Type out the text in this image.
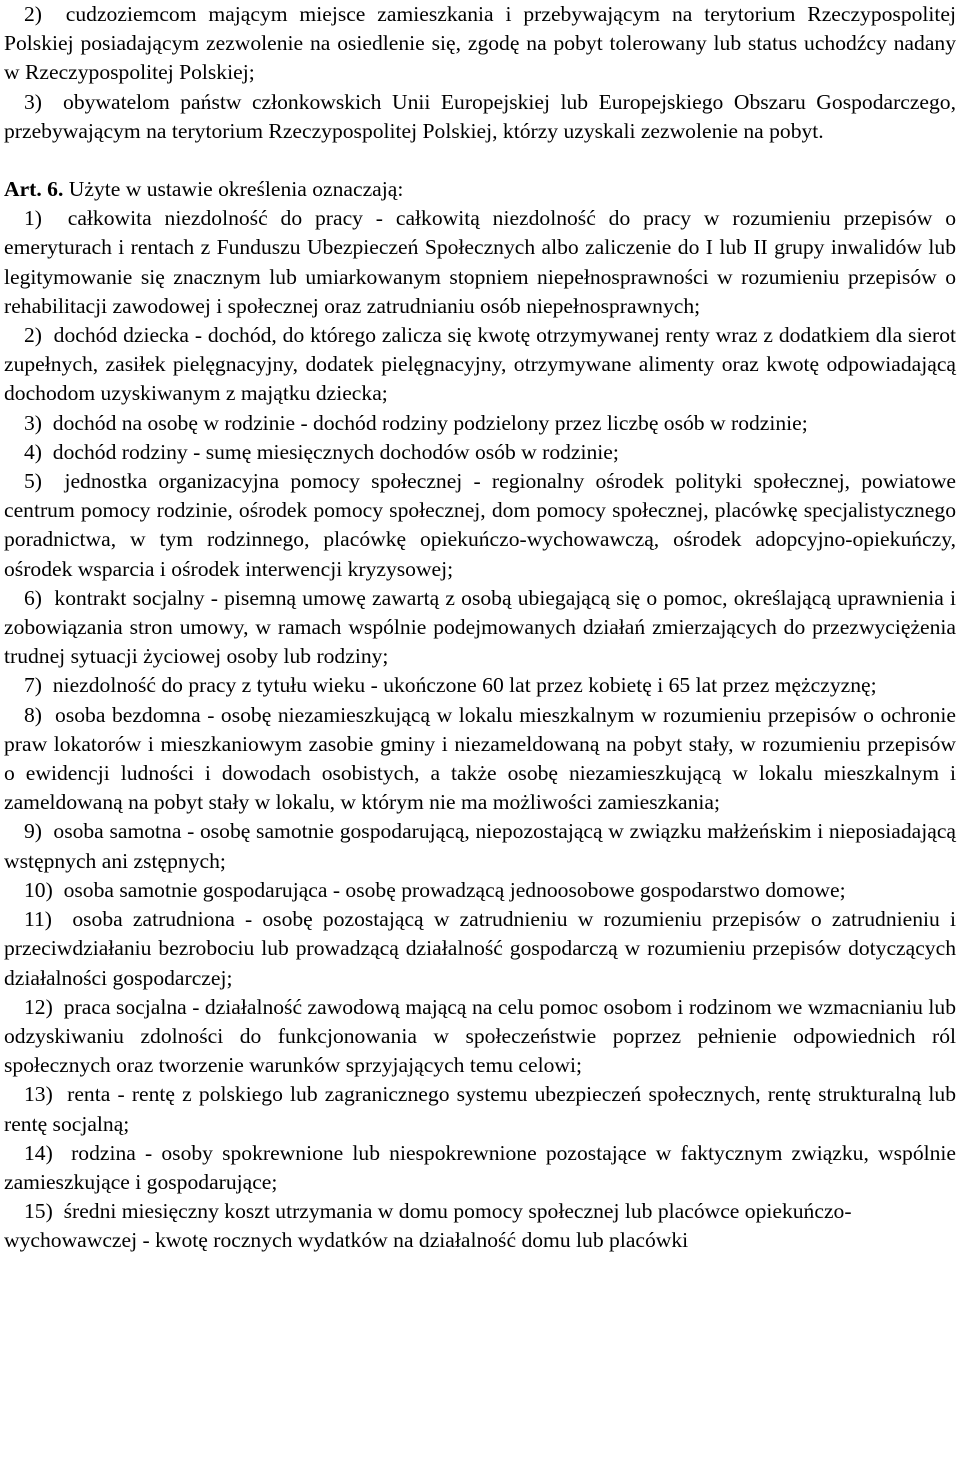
2) cudzoziemcom mającym miejsce zamieszkania i przebywającym na terytorium Rzeczypospolitej Polskiej posiadającym zezwolenie na osiedlenie się, zgodę na pobyt tolerowany lub status uchodźcy nadany w Rzeczypospolitej Polskiej;

3) obywatelom państw członkowskich Unii Europejskiej lub Europejskiego Obszaru Gospodarczego, przebywającym na terytorium Rzeczypospolitej Polskiej, którzy uzyskali zezwolenie na pobyt.

Art. 6. Użyte w ustawie określenia oznaczają:

1) całkowita niezdolność do pracy - całkowitą niezdolność do pracy w rozumieniu przepisów o emeryturach i rentach z Funduszu Ubezpieczeń Społecznych albo zaliczenie do I lub II grupy inwalidów lub legitymowanie się znacznym lub umiarkowanym stopniem niepełnosprawności w rozumieniu przepisów o rehabilitacji zawodowej i społecznej oraz zatrudnianiu osób niepełnosprawnych;

2) dochód dziecka - dochód, do którego zalicza się kwotę otrzymywanej renty wraz z dodatkiem dla sierot zupełnych, zasiłek pielęgnacyjny, dodatek pielęgnacyjny, otrzymywane alimenty oraz kwotę odpowiadającą dochodom uzyskiwanym z majątku dziecka;

3) dochód na osobę w rodzinie - dochód rodziny podzielony przez liczbę osób w rodzinie;

4) dochód rodziny - sumę miesięcznych dochodów osób w rodzinie;

5) jednostka organizacyjna pomocy społecznej - regionalny ośrodek polityki społecznej, powiatowe centrum pomocy rodzinie, ośrodek pomocy społecznej, dom pomocy społecznej, placówkę specjalistycznego poradnictwa, w tym rodzinnego, placówkę opiekuńczo-wychowawczą, ośrodek adopcyjno-opiekuńczy, ośrodek wsparcia i ośrodek interwencji kryzysowej;

6) kontrakt socjalny - pisemną umowę zawartą z osobą ubiegającą się o pomoc, określającą uprawnienia i zobowiązania stron umowy, w ramach wspólnie podejmowanych działań zmierzających do przezwyciężenia trudnej sytuacji życiowej osoby lub rodziny;

7) niezdolność do pracy z tytułu wieku - ukończone 60 lat przez kobietę i 65 lat przez mężczyznę;

8) osoba bezdomna - osobę niezamieszkującą w lokalu mieszkalnym w rozumieniu przepisów o ochronie praw lokatorów i mieszkaniowym zasobie gminy i niezameldowaną na pobyt stały, w rozumieniu przepisów o ewidencji ludności i dowodach osobistych, a także osobę niezamieszkującą w lokalu mieszkalnym i zameldowaną na pobyt stały w lokalu, w którym nie ma możliwości zamieszkania;

9) osoba samotna - osobę samotnie gospodarującą, niepozostającą w związku małżeńskim i nieposiadającą wstępnych ani zstępnych;

10) osoba samotnie gospodarująca - osobę prowadzącą jednoosobowe gospodarstwo domowe;

11) osoba zatrudniona - osobę pozostającą w zatrudnieniu w rozumieniu przepisów o zatrudnieniu i przeciwdziałaniu bezrobociu lub prowadzącą działalność gospodarczą w rozumieniu przepisów dotyczących działalności gospodarczej;

12) praca socjalna - działalność zawodową mającą na celu pomoc osobom i rodzinom we wzmacnianiu lub odzyskiwaniu zdolności do funkcjonowania w społeczeństwie poprzez pełnienie odpowiednich ról społecznych oraz tworzenie warunków sprzyjających temu celowi;

13) renta - rentę z polskiego lub zagranicznego systemu ubezpieczeń społecznych, rentę strukturalną lub rentę socjalną;

14) rodzina - osoby spokrewnione lub niespokrewnione pozostające w faktycznym związku, wspólnie zamieszkujące i gospodarujące;

15) średni miesięczny koszt utrzymania w domu pomocy społecznej lub placówce opiekuńczo-wychowawczej - kwotę rocznych wydatków na działalność domu lub placówki
